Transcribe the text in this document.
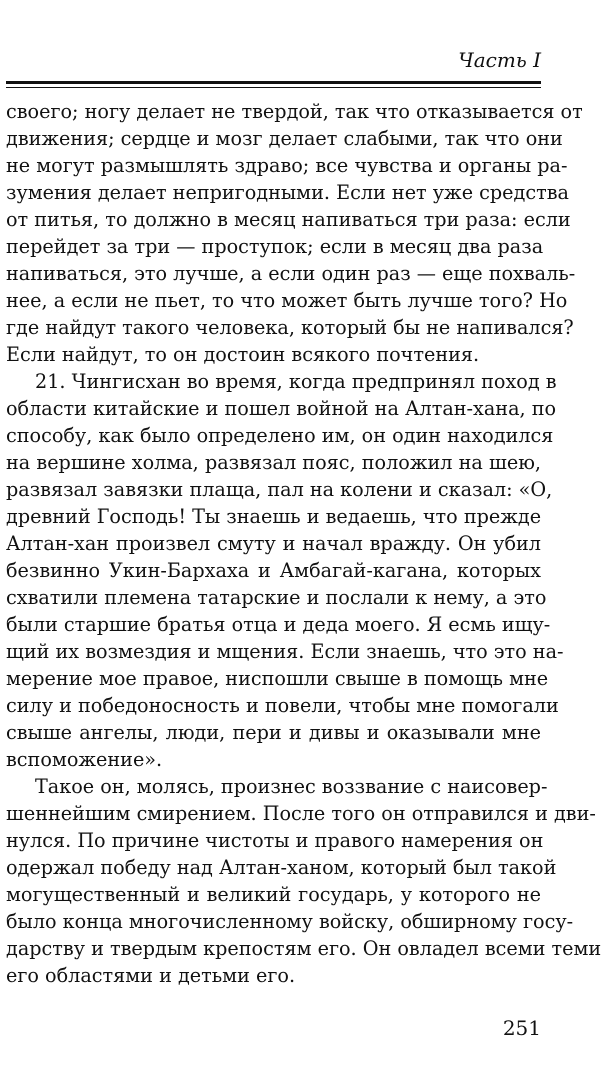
Часть I
своего; ногу делает не твердой, так что отказывается от
движения; сердце и мозг делает слабыми, так что они
не могут размышлять здраво; все чувства и органы ра-
зумения делает непригодными. Если нет уже средства
от питья, то должно в месяц напиваться три раза: если
перейдет за три — проступок; если в месяц два раза
напиваться, это лучше, а если один раз — еще похваль-
нее, а если не пьет, то что может быть лучше того? Но
где найдут такого человека, который бы не напивался?
Если найдут, то он достоин всякого почтения.
21. Чингисхан во время, когда предпринял поход в
области китайские и пошел войной на Алтан-хана, по
способу, как было определено им, он один находился
на вершине холма, развязал пояс, положил на шею,
развязал завязки плаща, пал на колени и сказал: «О,
древний Господь! Ты знаешь и ведаешь, что прежде
Алтан-хан произвел смуту и начал вражду. Он убил
безвинно Укин-Бархаха и Амбагай-кагана, которых
схватили племена татарские и послали к нему, а это
были старшие братья отца и деда моего. Я есмь ищу-
щий их возмездия и мщения. Если знаешь, что это на-
мерение мое правое, ниспошли свыше в помощь мне
силу и победоносность и повели, чтобы мне помогали
свыше ангелы, люди, пери и дивы и оказывали мне
вспоможение».
Такое он, молясь, произнес воззвание с наисовер-
шеннейшим смирением. После того он отправился и дви-
нулся. По причине чистоты и правого намерения он
одержал победу над Алтан-ханом, который был такой
могущественный и великий государь, у которого не
было конца многочисленному войску, обширному госу-
дарству и твердым крепостям его. Он овладел всеми теми
его областями и детьми его.
251
